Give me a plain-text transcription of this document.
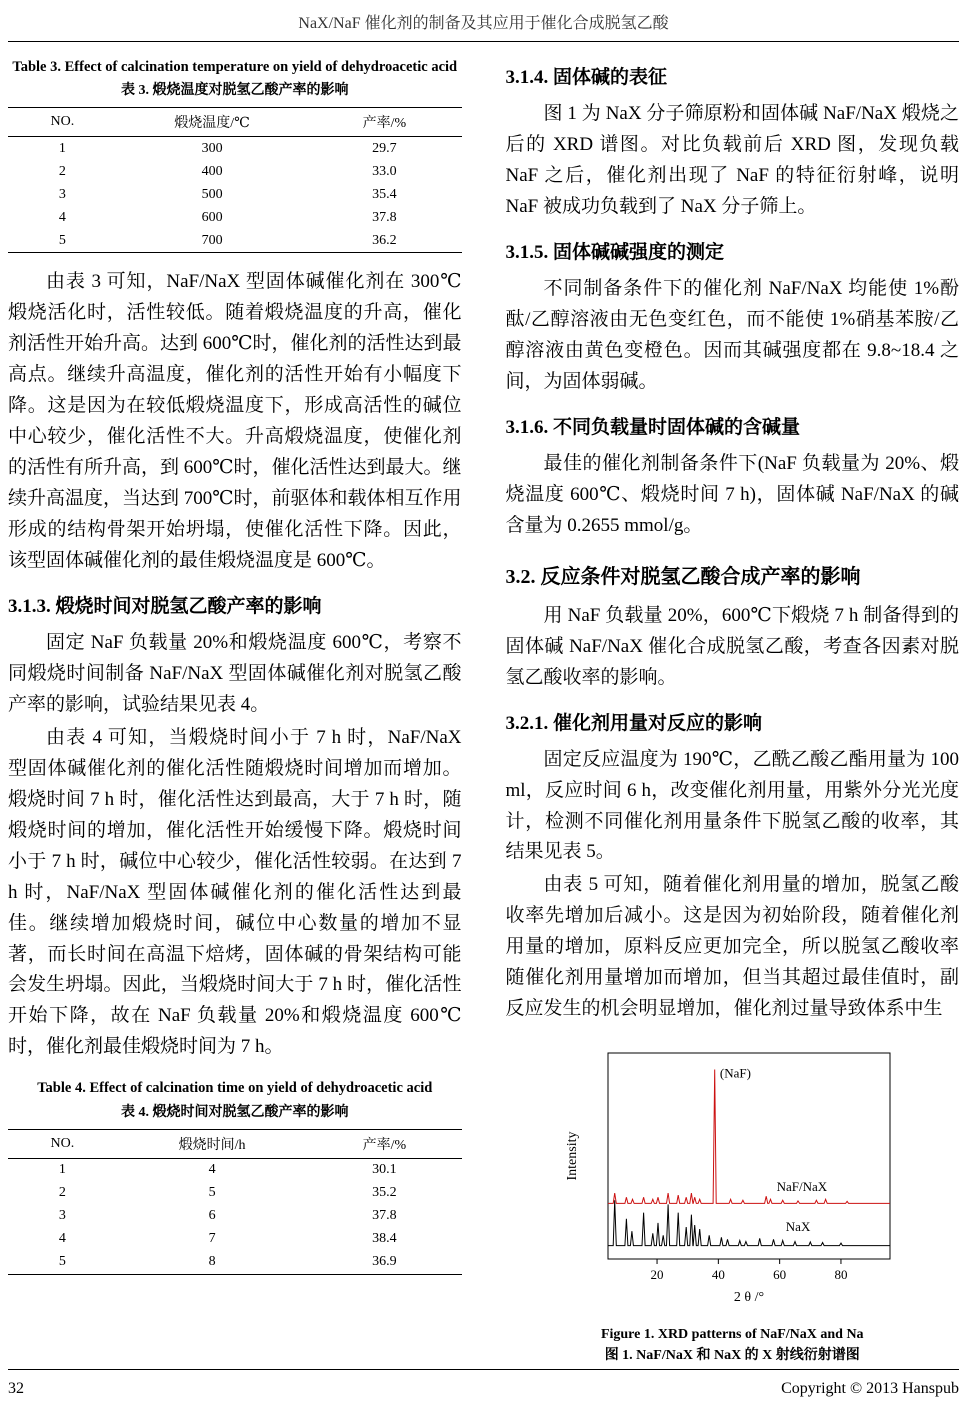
NaX/NaF 催化剂的制备及其应用于催化合成脱氢乙酸
Table 3. Effect of calcination temperature on yield of dehydroacetic acid
表 3. 煅烧温度对脱氢乙酸产率的影响
NO.	煅烧温度/℃	产率/%
1	300	29.7
2	400	33.0
3	500	35.4
4	600	37.8
5	700	36.2

由表 3 可知，NaF/NaX 型固体碱催化剂在 300℃煅烧活化时，活性较低。随着煅烧温度的升高，催化剂活性开始升高。达到 600℃时，催化剂的活性达到最高点。继续升高温度，催化剂的活性开始有小幅度下降。这是因为在较低煅烧温度下，形成高活性的碱位中心较少，催化活性不大。升高煅烧温度，使催化剂的活性有所升高，到 600℃时，催化活性达到最大。继续升高温度，当达到 700℃时，前驱体和载体相互作用形成的结构骨架开始坍塌，使催化活性下降。因此，该型固体碱催化剂的最佳煅烧温度是 600℃。

3.1.3. 煅烧时间对脱氢乙酸产率的影响

固定 NaF 负载量 20%和煅烧温度 600℃，考察不同煅烧时间制备 NaF/NaX 型固体碱催化剂对脱氢乙酸产率的影响，试验结果见表 4。

由表 4 可知，当煅烧时间小于 7 h 时，NaF/NaX 型固体碱催化剂的催化活性随煅烧时间增加而增加。煅烧时间 7 h 时，催化活性达到最高，大于 7 h 时，随煅烧时间的增加，催化活性开始缓慢下降。煅烧时间小于 7 h 时，碱位中心较少，催化活性较弱。在达到 7 h 时，NaF/NaX 型固体碱催化剂的催化活性达到最佳。继续增加煅烧时间，碱位中心数量的增加不显著，而长时间在高温下焙烤，固体碱的骨架结构可能会发生坍塌。因此，当煅烧时间大于 7 h 时，催化活性开始下降，故在 NaF 负载量 20%和煅烧温度 600℃时，催化剂最佳煅烧时间为 7 h。

Table 4. Effect of calcination time on yield of dehydroacetic acid
表 4. 煅烧时间对脱氢乙酸产率的影响
NO.	煅烧时间/h	产率/%
1	4	30.1
2	5	35.2
3	6	37.8
4	7	38.4
5	8	36.9
3.1.4. 固体碱的表征

图 1 为 NaX 分子筛原粉和固体碱 NaF/NaX 煅烧之后的 XRD 谱图。对比负载前后 XRD 图，发现负载 NaF 之后，催化剂出现了 NaF 的特征衍射峰，说明 NaF 被成功负载到了 NaX 分子筛上。

3.1.5. 固体碱碱强度的测定

不同制备条件下的催化剂 NaF/NaX 均能使 1%酚酞/乙醇溶液由无色变红色，而不能使 1%硝基苯胺/乙醇溶液由黄色变橙色。因而其碱强度都在 9.8~18.4 之间，为固体弱碱。

3.1.6. 不同负载量时固体碱的含碱量

最佳的催化剂制备条件下(NaF 负载量为 20%、煅烧温度 600℃、煅烧时间 7 h)，固体碱 NaF/NaX 的碱含量为 0.2655 mmol/g。

3.2. 反应条件对脱氢乙酸合成产率的影响

用 NaF 负载量 20%，600℃下煅烧 7 h 制备得到的固体碱 NaF/NaX 催化合成脱氢乙酸，考查各因素对脱氢乙酸收率的影响。

3.2.1. 催化剂用量对反应的影响

固定反应温度为 190℃，乙酰乙酸乙酯用量为 100 ml，反应时间 6 h，改变催化剂用量，用紫外分光光度计，检测不同催化剂用量条件下脱氢乙酸的收率，其结果见表 5。

由表 5 可知，随着催化剂用量的增加，脱氢乙酸收率先增加后减小。这是因为初始阶段，随着催化剂用量的增加，原料反应更加完全，所以脱氢乙酸收率随催化剂用量增加而增加，但当其超过最佳值时，副反应发生的机会明显增加，催化剂过量导致体系中生

20	40	60	80
(NaF)
NaF/NaX
NaX
2 θ /°
Intensity
Figure 1. XRD patterns of NaF/NaX and Na
图 1. NaF/NaX 和 NaX 的 X 射线衍射谱图
32	Copyright © 2013 Hanspub
